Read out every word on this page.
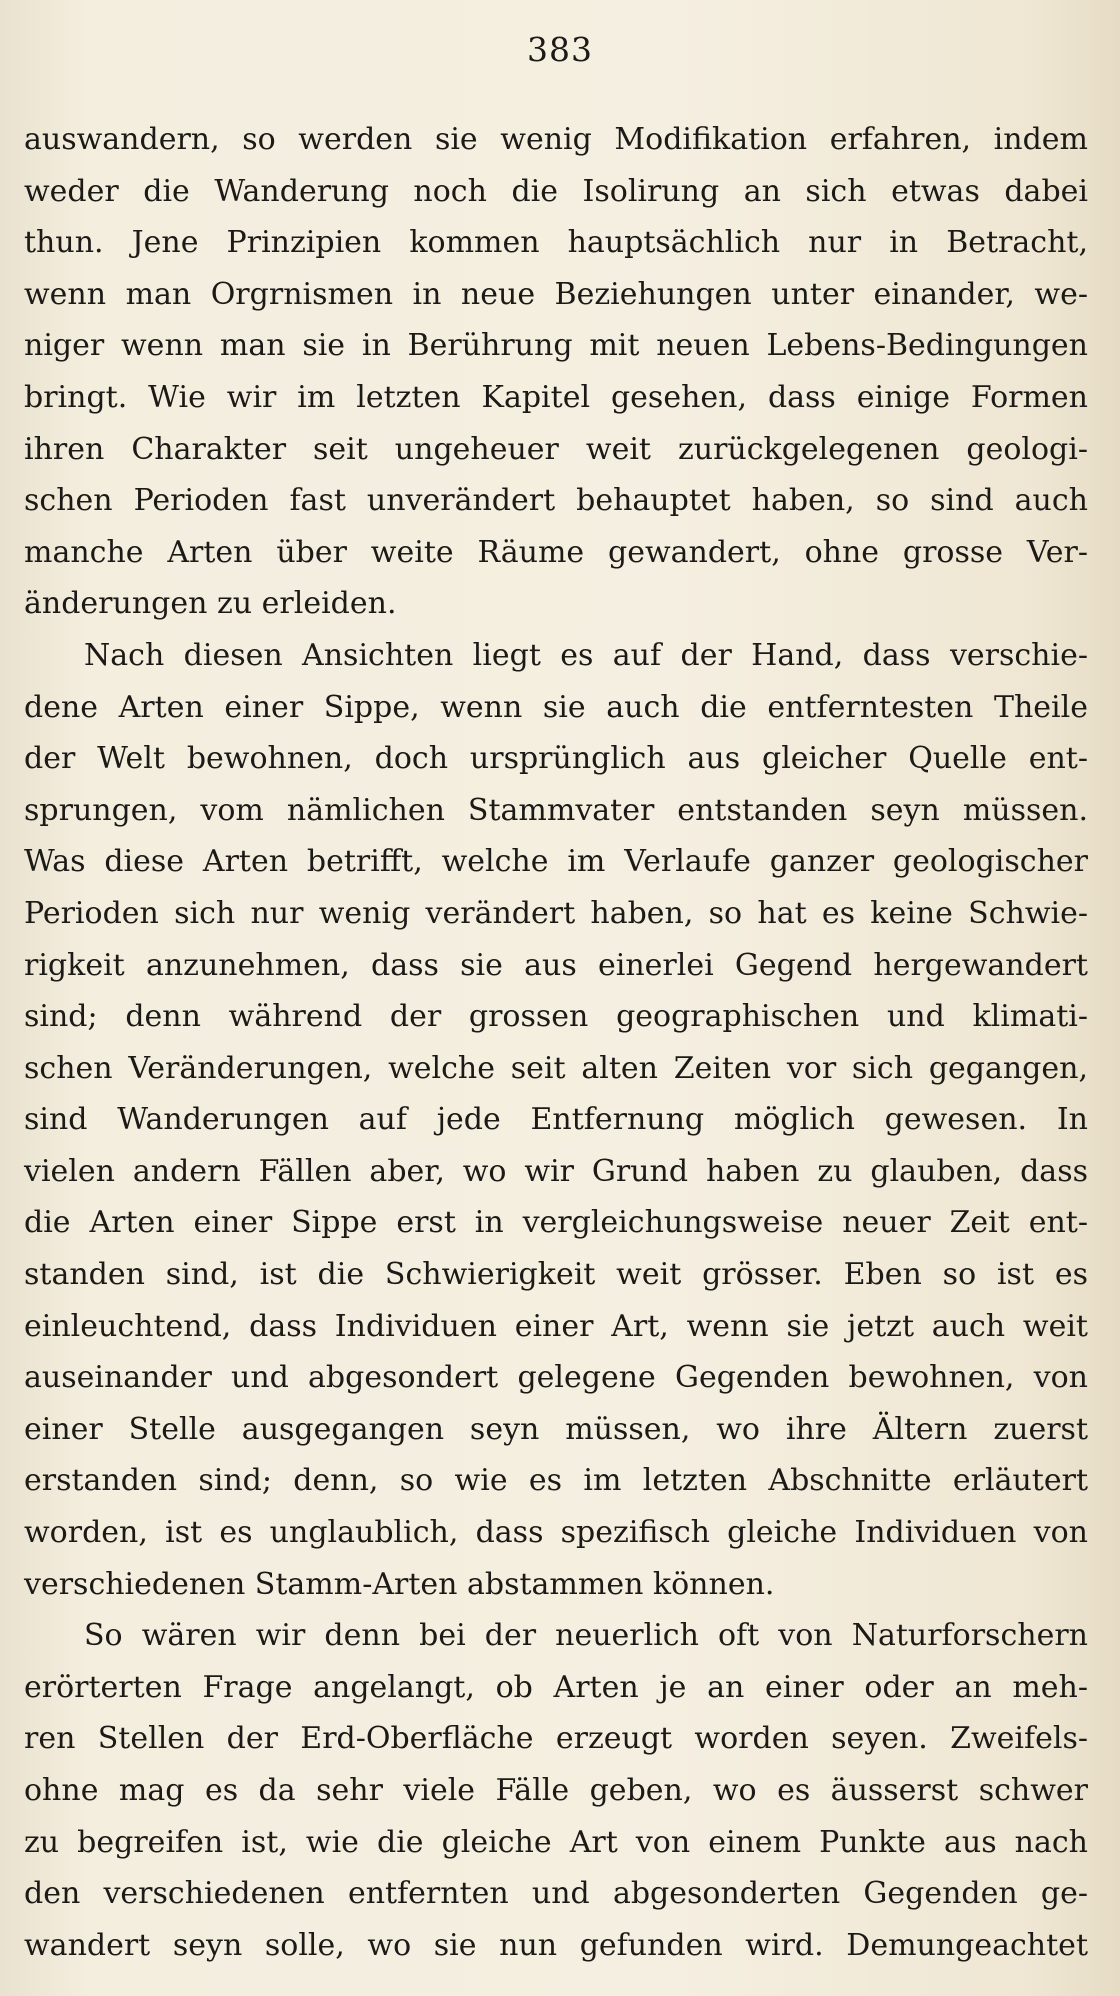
383
auswandern, so werden sie wenig Modifikation erfahren, indem
weder die Wanderung noch die Isolirung an sich etwas dabei
thun. Jene Prinzipien kommen hauptsächlich nur in Betracht,
wenn man Orgrnismen in neue Beziehungen unter einander, we-
niger wenn man sie in Berührung mit neuen Lebens-Bedingungen
bringt. Wie wir im letzten Kapitel gesehen, dass einige Formen
ihren Charakter seit ungeheuer weit zurückgelegenen geologi-
schen Perioden fast unverändert behauptet haben, so sind auch
manche Arten über weite Räume gewandert, ohne grosse Ver-
änderungen zu erleiden.
Nach diesen Ansichten liegt es auf der Hand, dass verschie-
dene Arten einer Sippe, wenn sie auch die entferntesten Theile
der Welt bewohnen, doch ursprünglich aus gleicher Quelle ent-
sprungen, vom nämlichen Stammvater entstanden seyn müssen.
Was diese Arten betrifft, welche im Verlaufe ganzer geologischer
Perioden sich nur wenig verändert haben, so hat es keine Schwie-
rigkeit anzunehmen, dass sie aus einerlei Gegend hergewandert
sind; denn während der grossen geographischen und klimati-
schen Veränderungen, welche seit alten Zeiten vor sich gegangen,
sind Wanderungen auf jede Entfernung möglich gewesen. In
vielen andern Fällen aber, wo wir Grund haben zu glauben, dass
die Arten einer Sippe erst in vergleichungsweise neuer Zeit ent-
standen sind, ist die Schwierigkeit weit grösser. Eben so ist es
einleuchtend, dass Individuen einer Art, wenn sie jetzt auch weit
auseinander und abgesondert gelegene Gegenden bewohnen, von
einer Stelle ausgegangen seyn müssen, wo ihre Ältern zuerst
erstanden sind; denn, so wie es im letzten Abschnitte erläutert
worden, ist es unglaublich, dass spezifisch gleiche Individuen von
verschiedenen Stamm-Arten abstammen können.
So wären wir denn bei der neuerlich oft von Naturforschern
erörterten Frage angelangt, ob Arten je an einer oder an meh-
ren Stellen der Erd-Oberfläche erzeugt worden seyen. Zweifels-
ohne mag es da sehr viele Fälle geben, wo es äusserst schwer
zu begreifen ist, wie die gleiche Art von einem Punkte aus nach
den verschiedenen entfernten und abgesonderten Gegenden ge-
wandert seyn solle, wo sie nun gefunden wird. Demungeachtet
